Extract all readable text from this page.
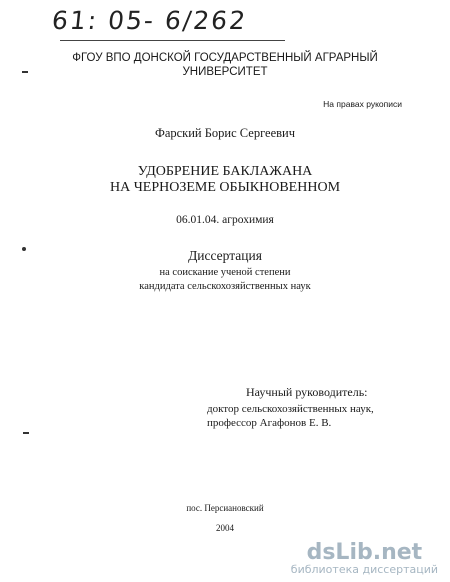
61: 05- 6/262
ФГОУ ВПО ДОНСКОЙ ГОСУДАРСТВЕННЫЙ АГРАРНЫЙ
УНИВЕРСИТЕТ
На правах рукописи
Фарский Борис Сергеевич
УДОБРЕНИЕ БАКЛАЖАНА
НА ЧЕРНОЗЕМЕ ОБЫКНОВЕННОМ
06.01.04. агрохимия
Диссертация
на соискание ученой степени
кандидата сельскохозяйственных наук
Научный руководитель:
доктор сельскохозяйственных наук,
профессор Агафонов Е. В.
пос. Персиановский
2004
dsLib.net
библиотека диссертаций
